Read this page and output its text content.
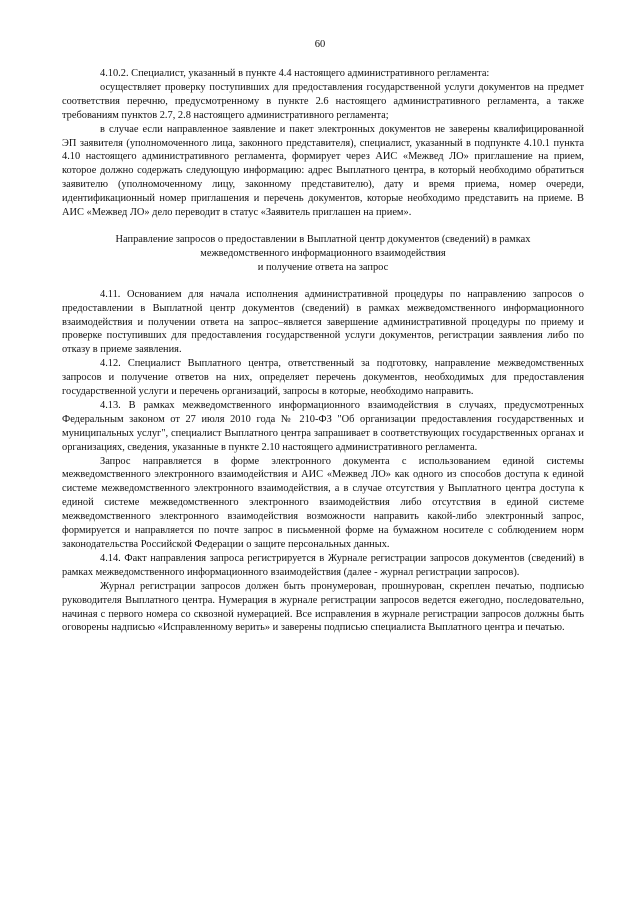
60

4.10.2. Специалист, указанный в пункте 4.4 настоящего административного регламента:

осуществляет проверку поступивших для предоставления государственной услуги документов на предмет соответствия перечню, предусмотренному в пункте 2.6 настоящего административного регламента, а также требованиям пунктов 2.7, 2.8 настоящего административного регламента;

в случае если направленное заявление и пакет электронных документов не заверены квалифицированной ЭП заявителя (уполномоченного лица, законного представителя), специалист, указанный в подпункте 4.10.1 пункта 4.10 настоящего административного регламента, формирует через АИС «Межвед ЛО» приглашение на прием, которое должно содержать следующую информацию: адрес Выплатного центра, в который необходимо обратиться заявителю (уполномоченному лицу, законному представителю), дату и время приема, номер очереди, идентификационный номер приглашения и перечень документов, которые необходимо представить на приеме. В АИС «Межвед ЛО» дело переводит в статус «Заявитель приглашен на прием».

Направление запросов о предоставлении в Выплатной центр документов (сведений) в рамках
межведомственного информационного взаимодействия
и получение ответа на запрос

4.11. Основанием для начала исполнения административной процедуры по направлению запросов о предоставлении в Выплатной центр документов (сведений) в рамках межведомственного информационного взаимодействия и получении ответа на запрос–является завершение административной процедуры по приему и проверке поступивших для предоставления государственной услуги документов, регистрации заявления либо по отказу в приеме заявления.

4.12. Специалист Выплатного центра, ответственный за подготовку, направление межведомственных запросов и получение ответов на них, определяет перечень документов, необходимых для предоставления государственной услуги и перечень организаций, запросы в которые, необходимо направить.

4.13. В рамках межведомственного информационного взаимодействия в случаях, предусмотренных Федеральным законом от 27 июля 2010 года № 210-ФЗ "Об организации предоставления государственных и муниципальных услуг", специалист Выплатного центра запрашивает в соответствующих государственных органах и организациях, сведения, указанные в пункте 2.10 настоящего административного регламента.

Запрос направляется в форме электронного документа с использованием единой системы межведомственного электронного взаимодействия и АИС «Межвед ЛО» как одного из способов доступа к единой системе межведомственного электронного взаимодействия, а в случае отсутствия у Выплатного центра доступа к единой системе межведомственного электронного взаимодействия либо отсутствия в единой системе межведомственного электронного взаимодействия возможности направить какой-либо электронный запрос, формируется и направляется по почте запрос в письменной форме на бумажном носителе с соблюдением норм законодательства Российской Федерации о защите персональных данных.

4.14. Факт направления запроса регистрируется в Журнале регистрации запросов документов (сведений) в рамках межведомственного информационного взаимодействия (далее - журнал регистрации запросов).

Журнал регистрации запросов должен быть пронумерован, прошнурован, скреплен печатью, подписью руководителя Выплатного центра. Нумерация в журнале регистрации запросов ведется ежегодно, последовательно, начиная с первого номера со сквозной нумерацией. Все исправления в журнале регистрации запросов должны быть оговорены надписью «Исправленному верить» и заверены подписью специалиста Выплатного центра и печатью.
